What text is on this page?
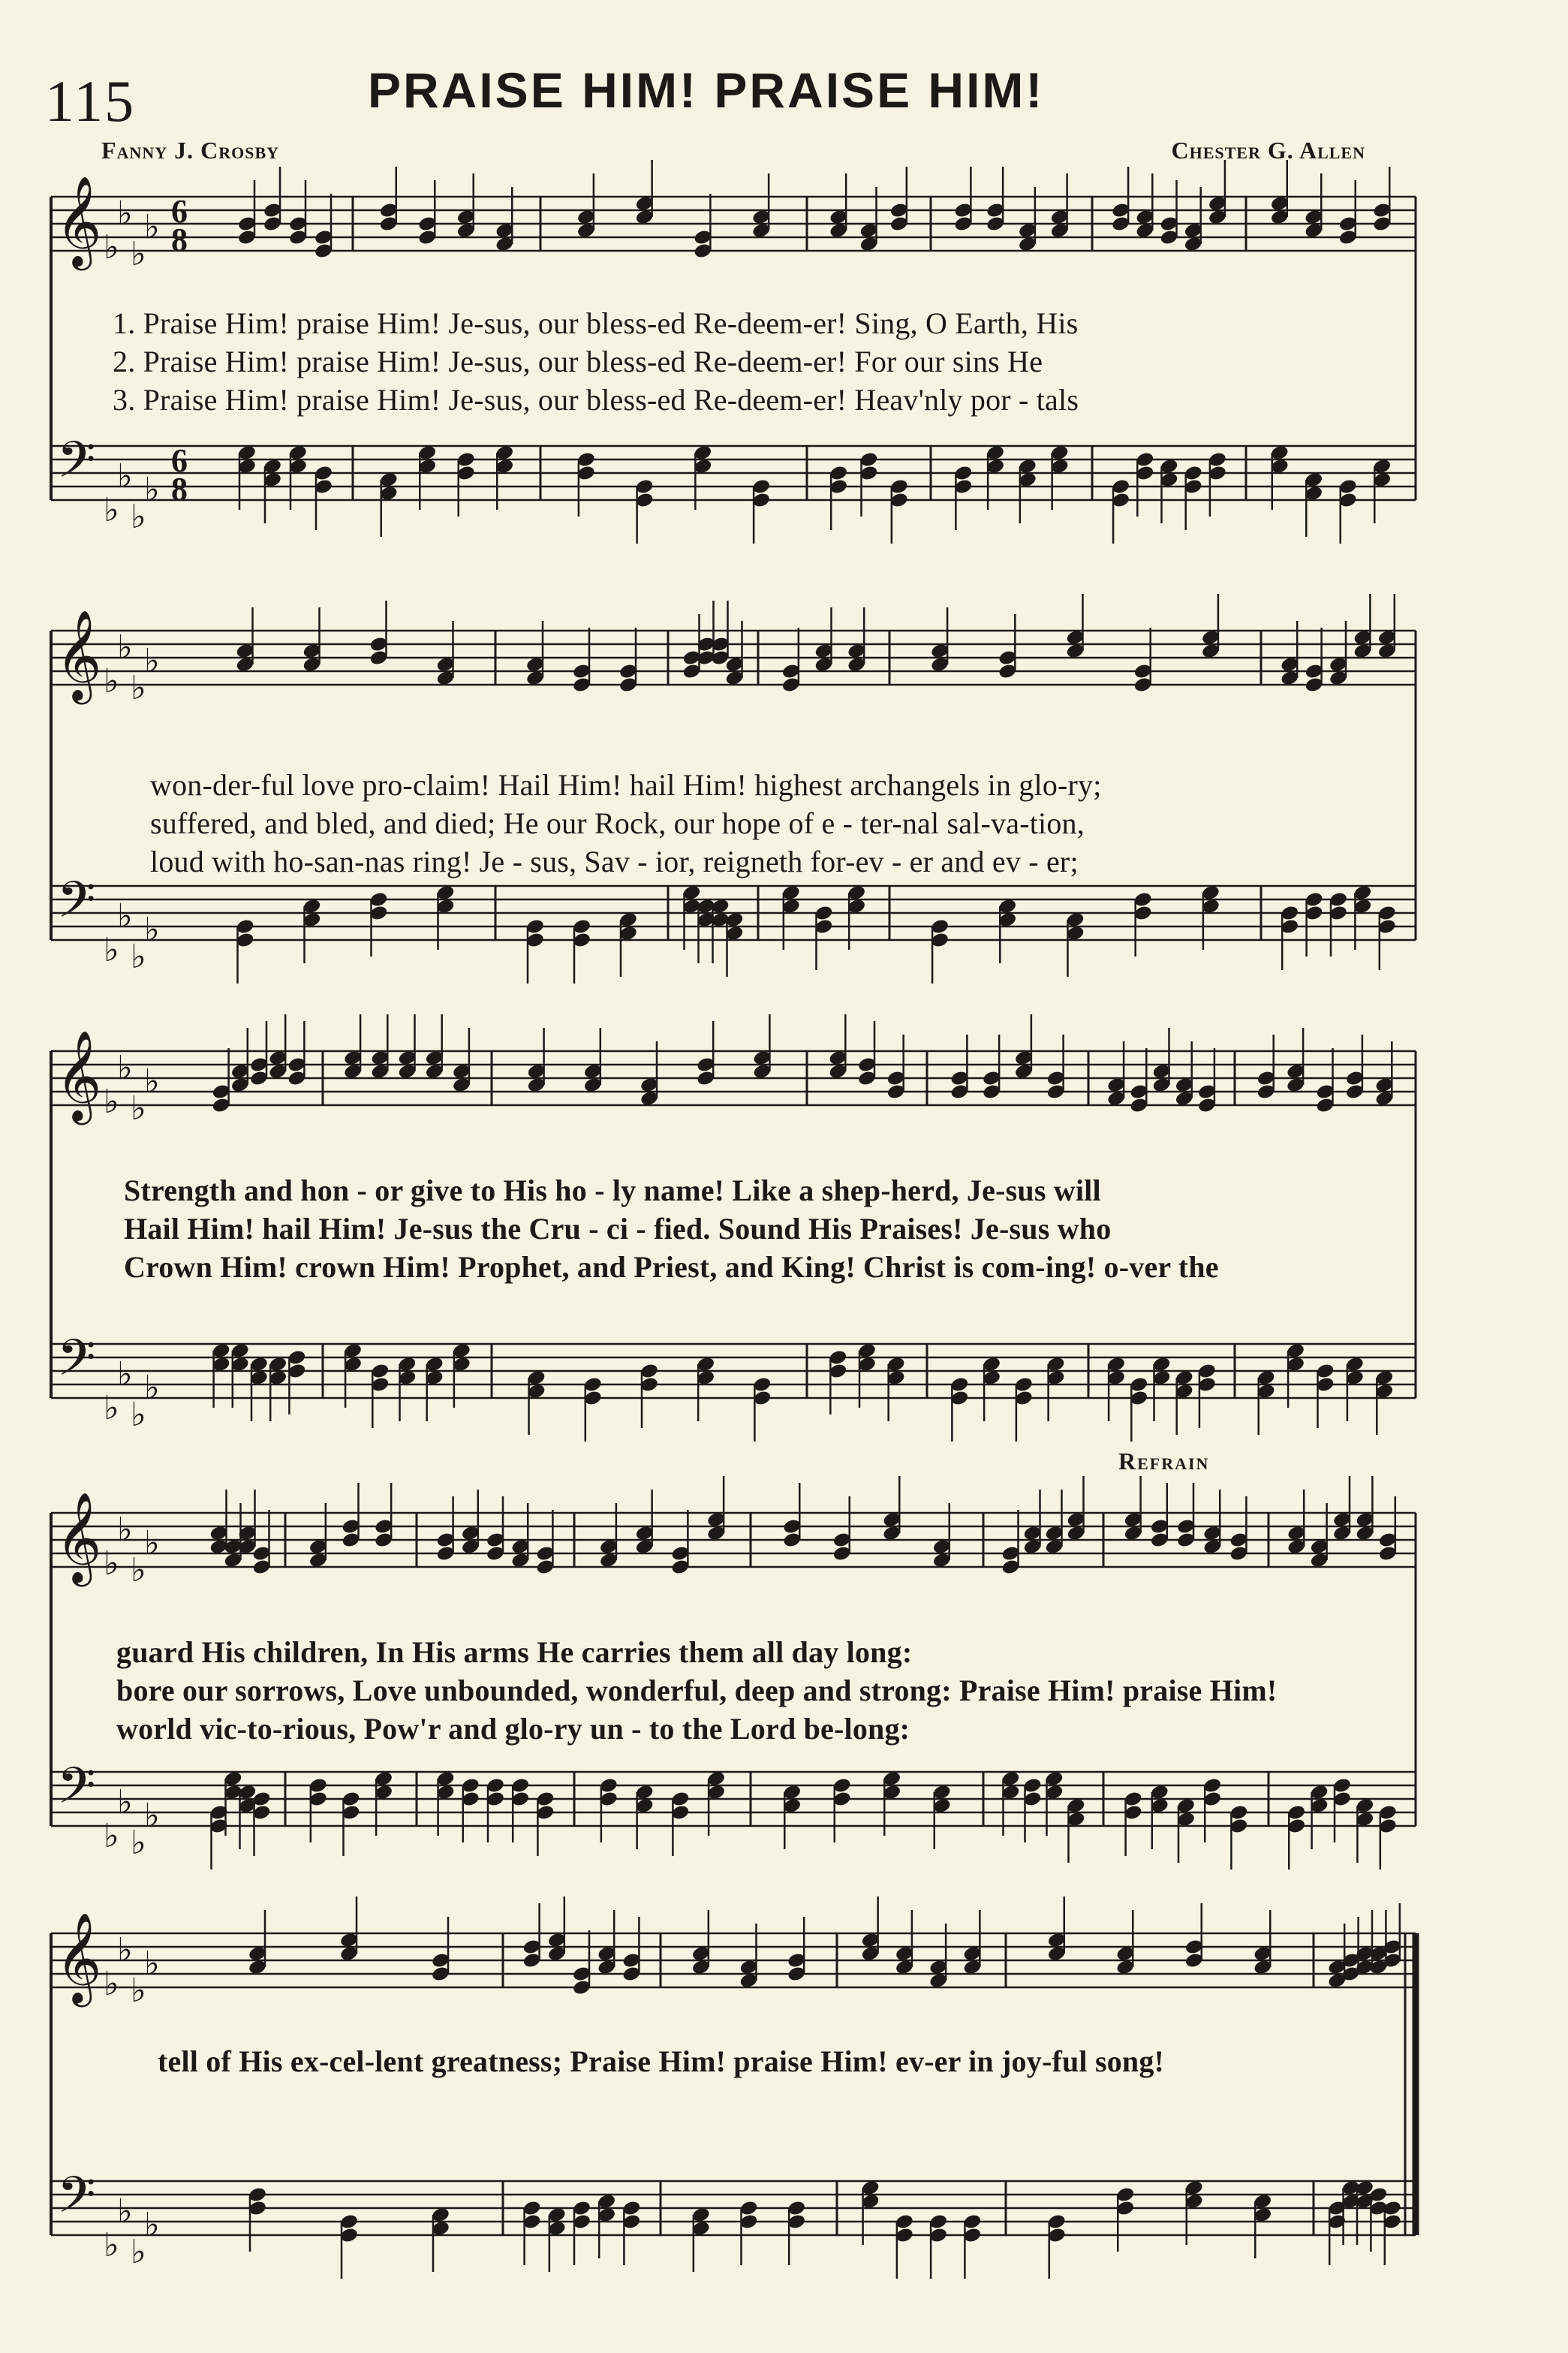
115	PRAISE HIM! PRAISE HIM!
Fanny J. Crosby	Chester G. Allen
Refrain
𝄞
𝄢
♭
♭
♭
♭
♭
♭
♭
♭
6
8
6
8
𝄞
𝄢
♭
♭
♭
♭
♭
♭
♭
♭
𝄞
𝄢
♭
♭
♭
♭
♭
♭
♭
♭
𝄞
𝄢
♭
♭
♭
♭
♭
♭
♭
♭
𝄞
𝄢
♭
♭
♭
♭
♭
♭
♭
♭
1. Praise Him! praise Him! Je-sus, our bless-ed Re-deem-er! Sing, O Earth, His
2. Praise Him! praise Him! Je-sus, our bless-ed Re-deem-er! For our sins He
3. Praise Him! praise Him! Je-sus, our bless-ed Re-deem-er! Heav'nly por - tals
won-der-ful love pro-claim! Hail Him! hail Him! highest archangels in glo-ry;
suffered, and bled, and died; He our Rock, our hope of e - ter-nal sal-va-tion,
loud with ho-san-nas ring! Je - sus, Sav - ior, reigneth for-ev - er and ev - er;
Strength and hon - or give to His ho - ly name! Like a shep-herd, Je-sus will
Hail Him! hail Him! Je-sus the Cru - ci - fied. Sound His Praises! Je-sus who
Crown Him! crown Him! Prophet, and Priest, and King! Christ is com-ing! o-ver the
guard His children, In His arms He carries them all day long:
bore our sorrows, Love unbounded, wonderful, deep and strong: Praise Him! praise Him!
world vic-to-rious, Pow'r and glo-ry un - to the Lord be-long:
tell of His ex-cel-lent greatness; Praise Him! praise Him! ev-er in joy-ful song!
